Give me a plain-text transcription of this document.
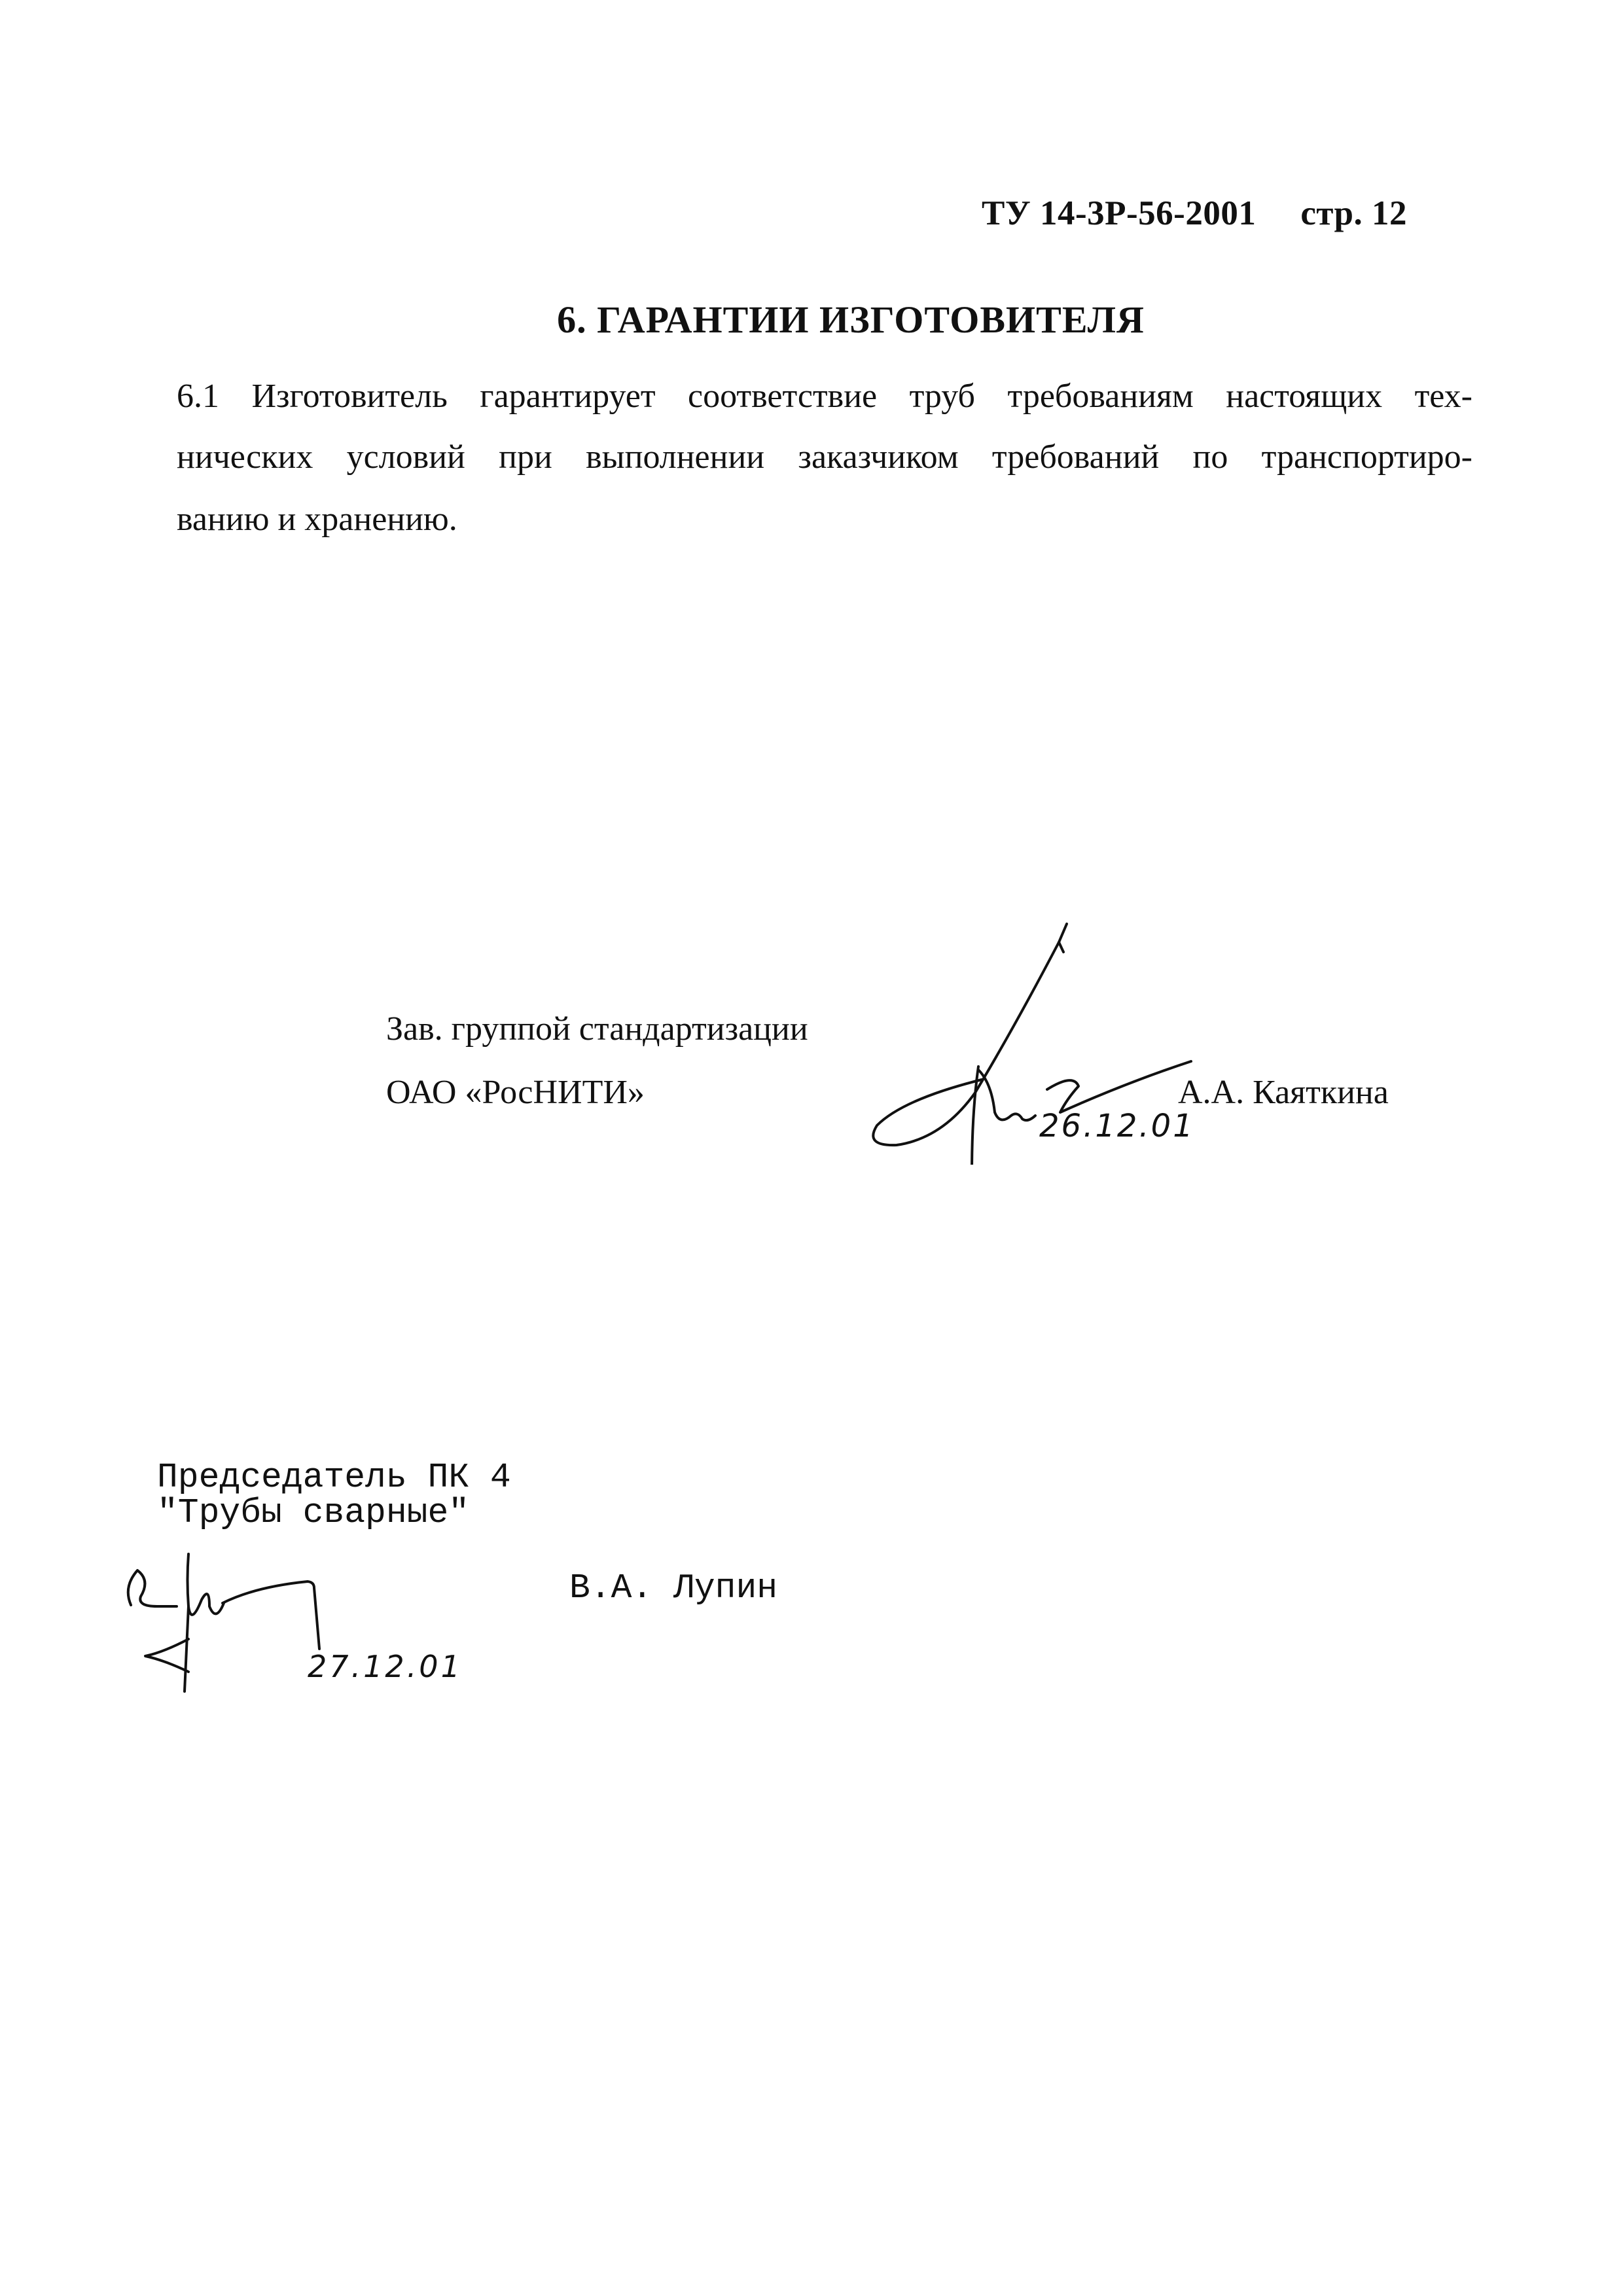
ТУ 14-3Р-56-2001 стр. 12
6. ГАРАНТИИ ИЗГОТОВИТЕЛЯ
6.1 Изготовитель гарантирует соответствие труб требованиям настоящих тех-
нических условий при выполнении заказчиком требований по транспортиро-
ванию и хранению.
Зав. группой стандартизации
ОАО «РосНИТИ»
26.12.01
А.А. Каяткина
Председатель ПК 4
"Трубы сварные"
В.А. Лупин
27.12.01
